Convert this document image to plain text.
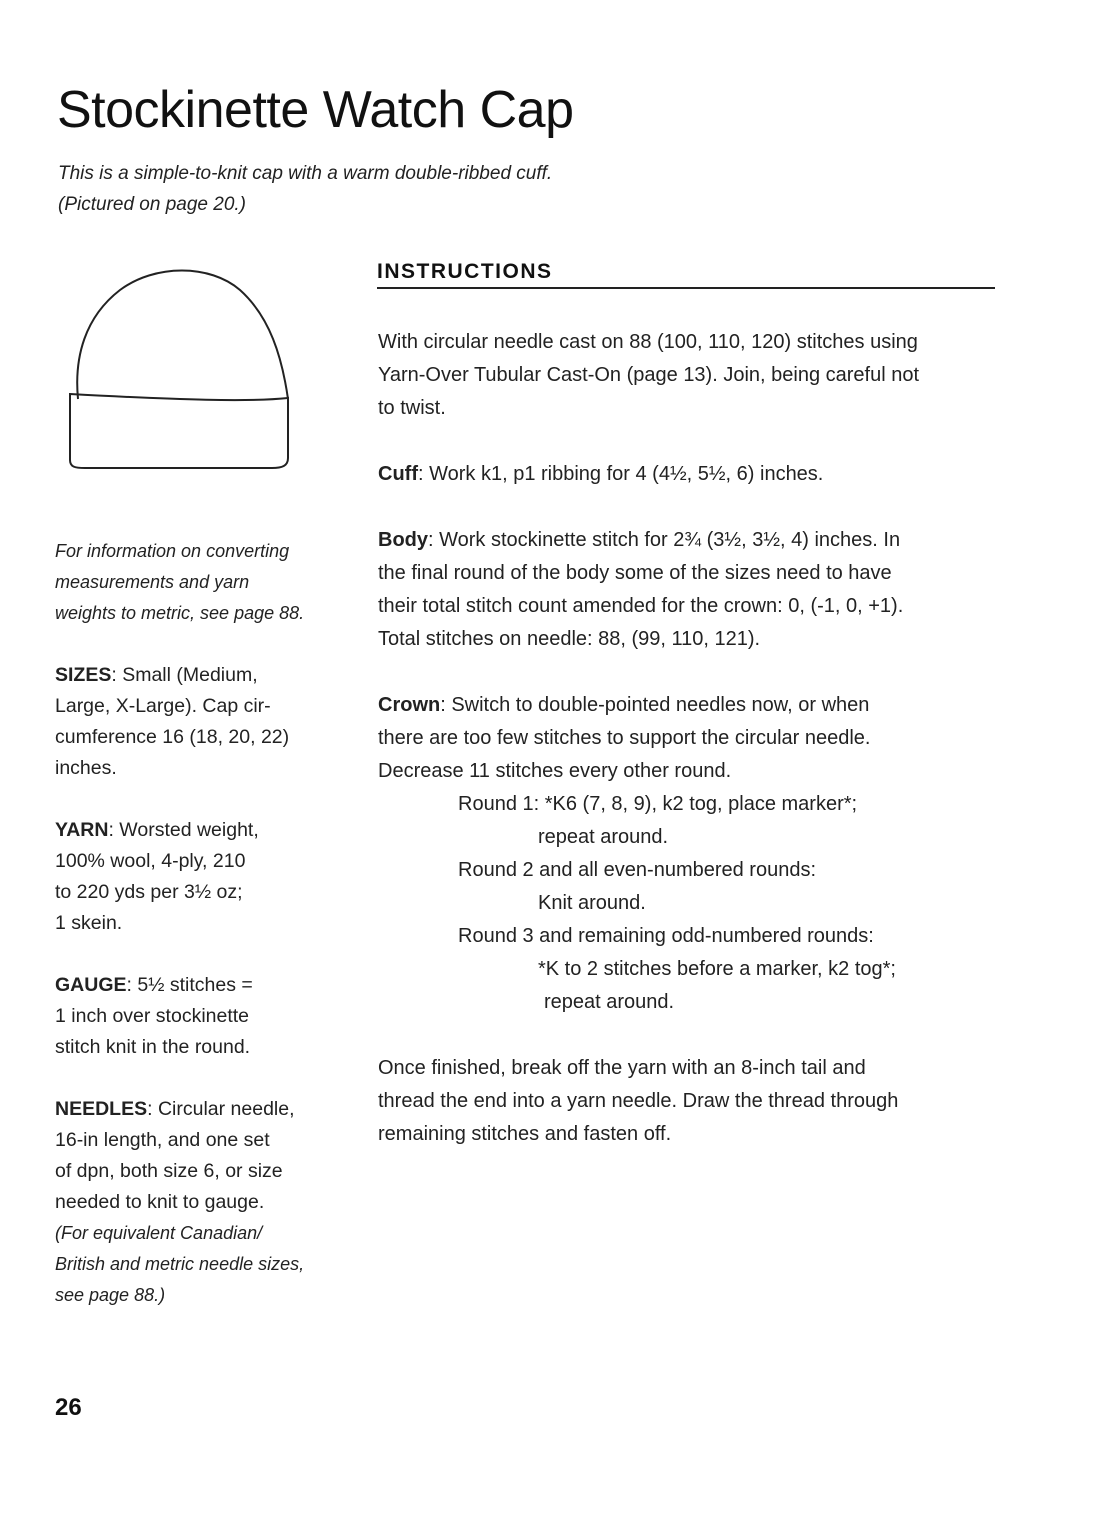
Stockinette Watch Cap
This is a simple-to-knit cap with a warm double-ribbed cuff.
(Pictured on page 20.)
For information on converting
measurements and yarn
weights to metric, see page 88.
SIZES: Small (Medium,
Large, X-Large). Cap cir-
cumference 16 (18, 20, 22)
inches.
YARN: Worsted weight,
100% wool, 4-ply, 210
to 220 yds per 3½ oz;
1 skein.
GAUGE: 5½ stitches =
1 inch over stockinette
stitch knit in the round.
NEEDLES: Circular needle,
16-in length, and one set
of dpn, both size 6, or size
needed to knit to gauge.
(For equivalent Canadian/
British and metric needle sizes,
see page 88.)
INSTRUCTIONS
With circular needle cast on 88 (100, 110, 120) stitches using
Yarn-Over Tubular Cast-On (page 13). Join, being careful not
to twist.
Cuff: Work k1, p1 ribbing for 4 (4½, 5½, 6) inches.
Body: Work stockinette stitch for 2¾ (3½, 3½, 4) inches. In
the final round of the body some of the sizes need to have
their total stitch count amended for the crown: 0, (-1, 0, +1).
Total stitches on needle: 88, (99, 110, 121).
Crown: Switch to double-pointed needles now, or when
there are too few stitches to support the circular needle.
Decrease 11 stitches every other round.
Round 1: *K6 (7, 8, 9), k2 tog, place marker*;
repeat around.
Round 2 and all even-numbered rounds:
Knit around.
Round 3 and remaining odd-numbered rounds:
*K to 2 stitches before a marker, k2 tog*;
repeat around.
Once finished, break off the yarn with an 8-inch tail and
thread the end into a yarn needle. Draw the thread through
remaining stitches and fasten off.
26
